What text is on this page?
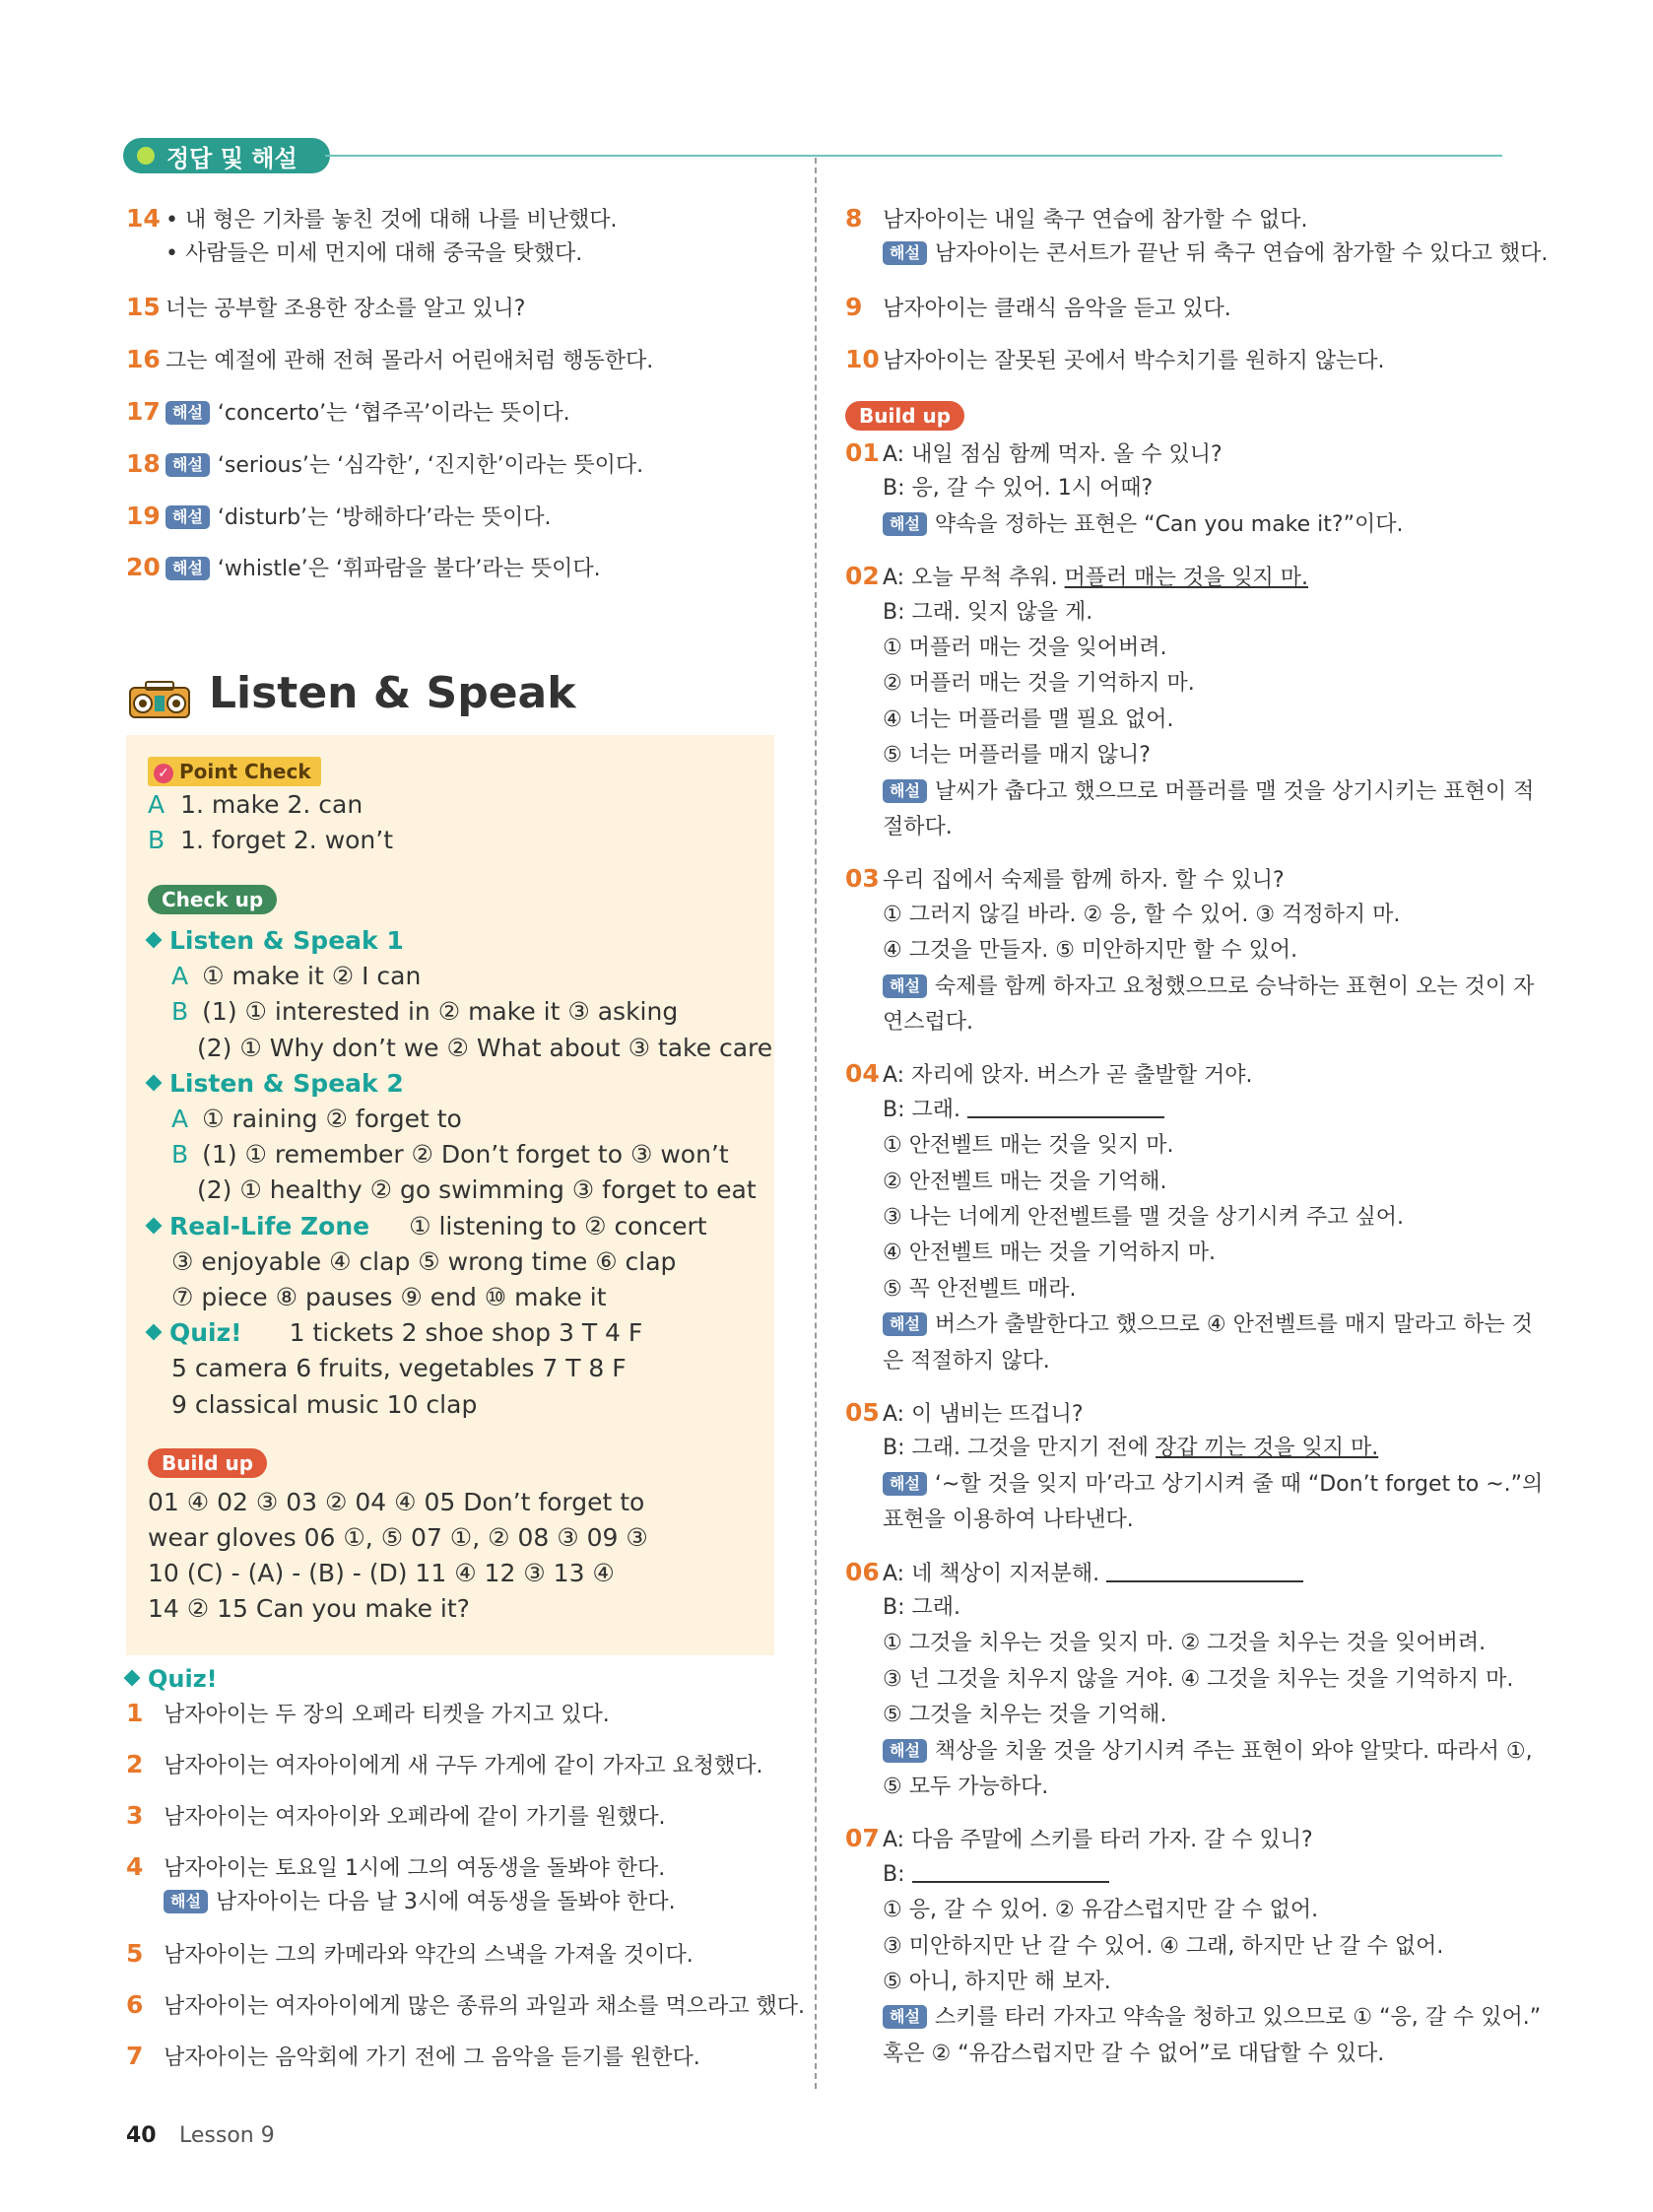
정답 및 해설
14 • 내 형은 기차를 놓친 것에 대해 나를 비난했다.
• 사람들은 미세 먼지에 대해 중국을 탓했다.
15 너는 공부할 조용한 장소를 알고 있니?
16 그는 예절에 관해 전혀 몰라서 어린애처럼 행동한다.
17 해설 ‘concerto’는 ‘협주곡’이라는 뜻이다.
18 해설 ‘serious’는 ‘심각한’, ‘진지한’이라는 뜻이다.
19 해설 ‘disturb’는 ‘방해하다’라는 뜻이다.
20 해설 ‘whistle’은 ‘휘파람을 불다’라는 뜻이다.
Listen & Speak
✓ Point Check
A 1. make 2. can
B 1. forget 2. won’t
Check up
Listen & Speak 1
A ① make it ② I can
B (1) ① interested in ② make it ③ asking
(2) ① Why don’t we ② What about ③ take care
Listen & Speak 2
A ① raining ② forget to
B (1) ① remember ② Don’t forget to ③ won’t
(2) ① healthy ② go swimming ③ forget to eat
Real-Life Zone ① listening to ② concert
③ enjoyable ④ clap ⑤ wrong time ⑥ clap
⑦ piece ⑧ pauses ⑨ end ⑩ make it
Quiz! 1 tickets 2 shoe shop 3 T 4 F
5 camera 6 fruits, vegetables 7 T 8 F
9 classical music 10 clap
Build up
01 ④ 02 ③ 03 ② 04 ④ 05 Don’t forget to
wear gloves 06 ①, ⑤ 07 ①, ② 08 ③ 09 ③
10 (C) - (A) - (B) - (D) 11 ④ 12 ③ 13 ④
14 ② 15 Can you make it?
Quiz!
1 남자아이는 두 장의 오페라 티켓을 가지고 있다.
2 남자아이는 여자아이에게 새 구두 가게에 같이 가자고 요청했다.
3 남자아이는 여자아이와 오페라에 같이 가기를 원했다.
4 남자아이는 토요일 1시에 그의 여동생을 돌봐야 한다.
해설 남자아이는 다음 날 3시에 여동생을 돌봐야 한다.
5 남자아이는 그의 카메라와 약간의 스낵을 가져올 것이다.
6 남자아이는 여자아이에게 많은 종류의 과일과 채소를 먹으라고 했다.
7 남자아이는 음악회에 가기 전에 그 음악을 듣기를 원한다.
8 남자아이는 내일 축구 연습에 참가할 수 없다.
해설 남자아이는 콘서트가 끝난 뒤 축구 연습에 참가할 수 있다고 했다.
9 남자아이는 클래식 음악을 듣고 있다.
10 남자아이는 잘못된 곳에서 박수치기를 원하지 않는다.
Build up
01 A: 내일 점심 함께 먹자. 올 수 있니?
B: 응, 갈 수 있어. 1시 어때?
해설 약속을 정하는 표현은 “Can you make it?”이다.
02 A: 오늘 무척 추워. 머플러 매는 것을 잊지 마.
B: 그래. 잊지 않을 게.
① 머플러 매는 것을 잊어버려.
② 머플러 매는 것을 기억하지 마.
④ 너는 머플러를 맬 필요 없어.
⑤ 너는 머플러를 매지 않니?
해설 날씨가 춥다고 했으므로 머플러를 맬 것을 상기시키는 표현이 적
절하다.
03 우리 집에서 숙제를 함께 하자. 할 수 있니?
① 그러지 않길 바라. ② 응, 할 수 있어. ③ 걱정하지 마.
④ 그것을 만들자. ⑤ 미안하지만 할 수 있어.
해설 숙제를 함께 하자고 요청했으므로 승낙하는 표현이 오는 것이 자
연스럽다.
04 A: 자리에 앉자. 버스가 곧 출발할 거야.
B: 그래.
① 안전벨트 매는 것을 잊지 마.
② 안전벨트 매는 것을 기억해.
③ 나는 너에게 안전벨트를 맬 것을 상기시켜 주고 싶어.
④ 안전벨트 매는 것을 기억하지 마.
⑤ 꼭 안전벨트 매라.
해설 버스가 출발한다고 했으므로 ④ 안전벨트를 매지 말라고 하는 것
은 적절하지 않다.
05 A: 이 냄비는 뜨겁니?
B: 그래. 그것을 만지기 전에 장갑 끼는 것을 잊지 마.
해설 ‘~할 것을 잊지 마’라고 상기시켜 줄 때 “Don’t forget to ~.”의
표현을 이용하여 나타낸다.
06 A: 네 책상이 지저분해.
B: 그래.
① 그것을 치우는 것을 잊지 마. ② 그것을 치우는 것을 잊어버려.
③ 넌 그것을 치우지 않을 거야. ④ 그것을 치우는 것을 기억하지 마.
⑤ 그것을 치우는 것을 기억해.
해설 책상을 치울 것을 상기시켜 주는 표현이 와야 알맞다. 따라서 ①,
⑤ 모두 가능하다.
07 A: 다음 주말에 스키를 타러 가자. 갈 수 있니?
B:
① 응, 갈 수 있어. ② 유감스럽지만 갈 수 없어.
③ 미안하지만 난 갈 수 있어. ④ 그래, 하지만 난 갈 수 없어.
⑤ 아니, 하지만 해 보자.
해설 스키를 타러 가자고 약속을 청하고 있으므로 ① “응, 갈 수 있어.”
혹은 ② “유감스럽지만 갈 수 없어”로 대답할 수 있다.
40 Lesson 9
